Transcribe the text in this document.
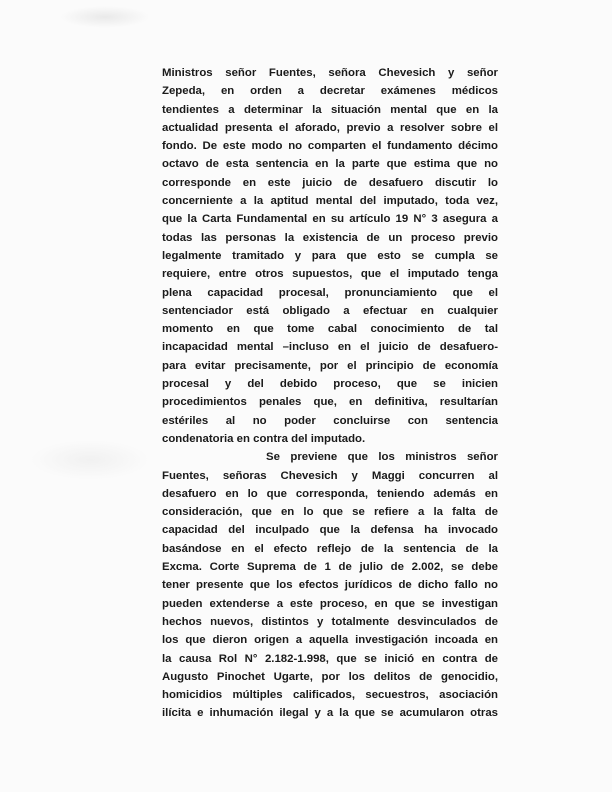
Ministros señor Fuentes, señora Chevesich y señor
Zepeda, en orden a decretar exámenes médicos
tendientes a determinar la situación mental que en la
actualidad presenta el aforado, previo a resolver sobre el
fondo. De este modo no comparten el fundamento décimo
octavo de esta sentencia en la parte que estima que no
corresponde en este juicio de desafuero discutir lo
concerniente a la aptitud mental del imputado, toda vez,
que la Carta Fundamental en su artículo 19 N° 3 asegura a
todas las personas la existencia de un proceso previo
legalmente tramitado y para que esto se cumpla se
requiere, entre otros supuestos, que el imputado tenga
plena capacidad procesal, pronunciamiento que el
sentenciador está obligado a efectuar en cualquier
momento en que tome cabal conocimiento de tal
incapacidad mental –incluso en el juicio de desafuero-
para evitar precisamente, por el principio de economía
procesal y del debido proceso, que se inicien
procedimientos penales que, en definitiva, resultarían
estériles al no poder concluirse con sentencia
condenatoria en contra del imputado.
Se previene que los ministros señor
Fuentes, señoras Chevesich y Maggi concurren al
desafuero en lo que corresponda, teniendo además en
consideración, que en lo que se refiere a la falta de
capacidad del inculpado que la defensa ha invocado
basándose en el efecto reflejo de la sentencia de la
Excma. Corte Suprema de 1 de julio de 2.002, se debe
tener presente que los efectos jurídicos de dicho fallo no
pueden extenderse a este proceso, en que se investigan
hechos nuevos, distintos y totalmente desvinculados de
los que dieron origen a aquella investigación incoada en
la causa Rol N° 2.182-1.998, que se inició en contra de
Augusto Pinochet Ugarte, por los delitos de genocidio,
homicidios múltiples calificados, secuestros, asociación
ilícita e inhumación ilegal y a la que se acumularon otras
